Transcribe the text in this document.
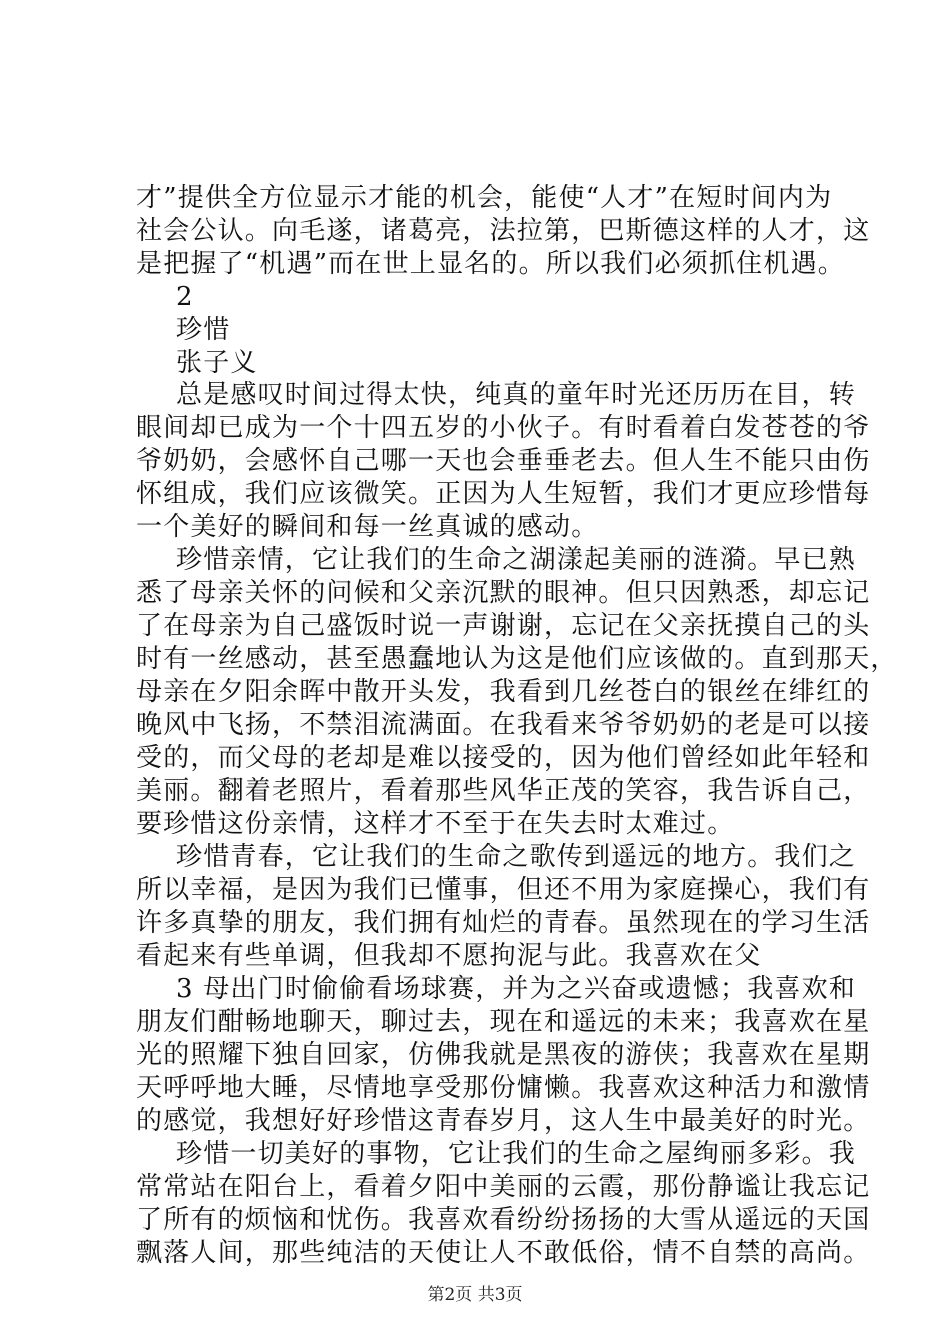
才”提供全方位显示才能的机会，能使“人才”在短时间内为
社会公认。向毛遂，诸葛亮，法拉第，巴斯德这样的人才，这
是把握了“机遇”而在世上显名的。所以我们必须抓住机遇。
2
珍惜
张子义
总是感叹时间过得太快，纯真的童年时光还历历在目，转
眼间却已成为一个十四五岁的小伙子。有时看着白发苍苍的爷
爷奶奶，会感怀自己哪一天也会垂垂老去。但人生不能只由伤
怀组成，我们应该微笑。正因为人生短暂，我们才更应珍惜每
一个美好的瞬间和每一丝真诚的感动。
珍惜亲情，它让我们的生命之湖漾起美丽的涟漪。早已熟
悉了母亲关怀的问候和父亲沉默的眼神。但只因熟悉，却忘记
了在母亲为自己盛饭时说一声谢谢，忘记在父亲抚摸自己的头
时有一丝感动，甚至愚蠢地认为这是他们应该做的。直到那天，
母亲在夕阳余晖中散开头发，我看到几丝苍白的银丝在绯红的
晚风中飞扬，不禁泪流满面。在我看来爷爷奶奶的老是可以接
受的，而父母的老却是难以接受的，因为他们曾经如此年轻和
美丽。翻着老照片，看着那些风华正茂的笑容，我告诉自己，
要珍惜这份亲情，这样才不至于在失去时太难过。
珍惜青春，它让我们的生命之歌传到遥远的地方。我们之
所以幸福，是因为我们已懂事，但还不用为家庭操心，我们有
许多真挚的朋友，我们拥有灿烂的青春。虽然现在的学习生活
看起来有些单调，但我却不愿拘泥与此。我喜欢在父
3 母出门时偷偷看场球赛，并为之兴奋或遗憾；我喜欢和
朋友们酣畅地聊天，聊过去，现在和遥远的未来；我喜欢在星
光的照耀下独自回家，仿佛我就是黑夜的游侠；我喜欢在星期
天呼呼地大睡，尽情地享受那份慵懒。我喜欢这种活力和激情
的感觉，我想好好珍惜这青春岁月，这人生中最美好的时光。
珍惜一切美好的事物，它让我们的生命之屋绚丽多彩。我
常常站在阳台上，看着夕阳中美丽的云霞，那份静谧让我忘记
了所有的烦恼和忧伤。我喜欢看纷纷扬扬的大雪从遥远的天国
飘落人间，那些纯洁的天使让人不敢低俗，情不自禁的高尚。
第2页 共3页
